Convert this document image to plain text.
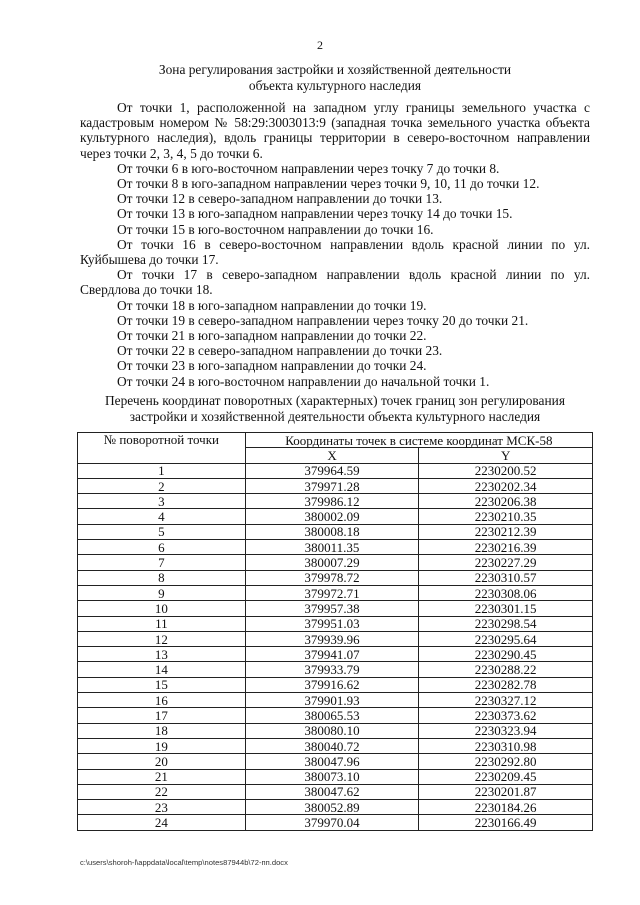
2
Зона регулирования застройки и хозяйственной деятельности
объекта культурного наследия

От точки 1, расположенной на западном углу границы земельного участка с кадастровым номером № 58:29:3003013:9 (западная точка земельного участка объекта культурного наследия), вдоль границы территории в северо-восточном направлении через точки 2, 3, 4, 5 до точки 6.

От точки 6 в юго-восточном направлении через точку 7 до точки 8.

От точки 8 в юго-западном направлении через точки 9, 10, 11 до точки 12.

От точки 12 в северо-западном направлении до точки 13.

От точки 13 в юго-западном направлении через точку 14 до точки 15.

От точки 15 в юго-восточном направлении до точки 16.

От точки 16 в северо-восточном направлении вдоль красной линии по ул. Куйбышева до точки 17.

От точки 17 в северо-западном направлении вдоль красной линии по ул. Свердлова до точки 18.

От точки 18 в юго-западном направлении до точки 19.

От точки 19 в северо-западном направлении через точку 20 до точки 21.

От точки 21 в юго-западном направлении до точки 22.

От точки 22 в северо-западном направлении до точки 23.

От точки 23 в юго-западном направлении до точки 24.

От точки 24 в юго-восточном направлении до начальной точки 1.

Перечень координат поворотных (характерных) точек границ зон регулирования
застройки и хозяйственной деятельности объекта культурного наследия
№ поворотной точки	Координаты точек в системе координат МСК-58	
	X	Y
1	379964.59	2230200.52
2	379971.28	2230202.34
3	379986.12	2230206.38
4	380002.09	2230210.35
5	380008.18	2230212.39
6	380011.35	2230216.39
7	380007.29	2230227.29
8	379978.72	2230310.57
9	379972.71	2230308.06
10	379957.38	2230301.15
11	379951.03	2230298.54
12	379939.96	2230295.64
13	379941.07	2230290.45
14	379933.79	2230288.22
15	379916.62	2230282.78
16	379901.93	2230327.12
17	380065.53	2230373.62
18	380080.10	2230323.94
19	380040.72	2230310.98
20	380047.96	2230292.80
21	380073.10	2230209.45
22	380047.62	2230201.87
23	380052.89	2230184.26
24	379970.04	2230166.49
c:\users\shoroh-l\appdata\local\temp\notes87944b\72-пп.docx
